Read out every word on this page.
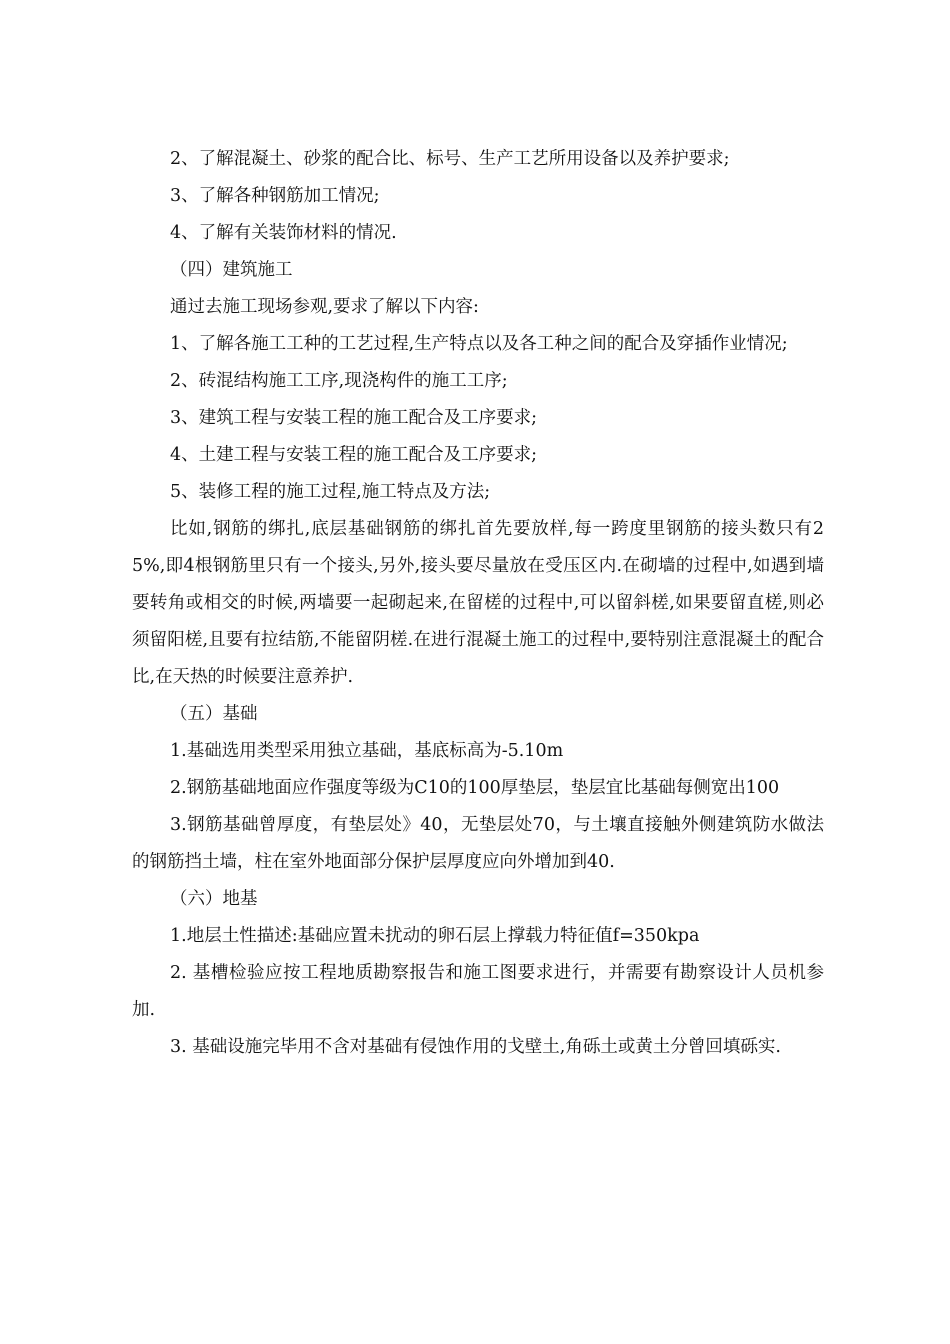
2、了解混凝土、砂浆的配合比、标号、生产工艺所用设备以及养护要求;

3、了解各种钢筋加工情况;

4、了解有关装饰材料的情况.

（四）建筑施工

通过去施工现场参观,要求了解以下内容:

1、了解各施工工种的工艺过程,生产特点以及各工种之间的配合及穿插作业情况;

2、砖混结构施工工序,现浇构件的施工工序;

3、建筑工程与安装工程的施工配合及工序要求;

4、土建工程与安装工程的施工配合及工序要求;

5、装修工程的施工过程,施工特点及方法;

比如,钢筋的绑扎,底层基础钢筋的绑扎首先要放样,每一跨度里钢筋的接头数只有25%,即4根钢筋里只有一个接头,另外,接头要尽量放在受压区内.在砌墙的过程中,如遇到墙要转角或相交的时候,两墙要一起砌起来,在留槎的过程中,可以留斜槎,如果要留直槎,则必须留阳槎,且要有拉结筋,不能留阴槎.在进行混凝土施工的过程中,要特别注意混凝土的配合比,在天热的时候要注意养护.

（五）基础

1.基础选用类型采用独立基础，基底标高为-5.10m

2.钢筋基础地面应作强度等级为C10的100厚垫层，垫层宜比基础每侧宽出100

3.钢筋基础曾厚度，有垫层处》40，无垫层处70，与土壤直接触外侧建筑防水做法的钢筋挡土墙，柱在室外地面部分保护层厚度应向外增加到40.

（六）地基

1.地层土性描述:基础应置未扰动的卵石层上撑载力特征值f=350kpa

2. 基槽检验应按工程地质勘察报告和施工图要求进行，并需要有勘察设计人员机参加.

3. 基础设施完毕用不含对基础有侵蚀作用的戈壁土,角砾土或黄土分曾回填砾实.
